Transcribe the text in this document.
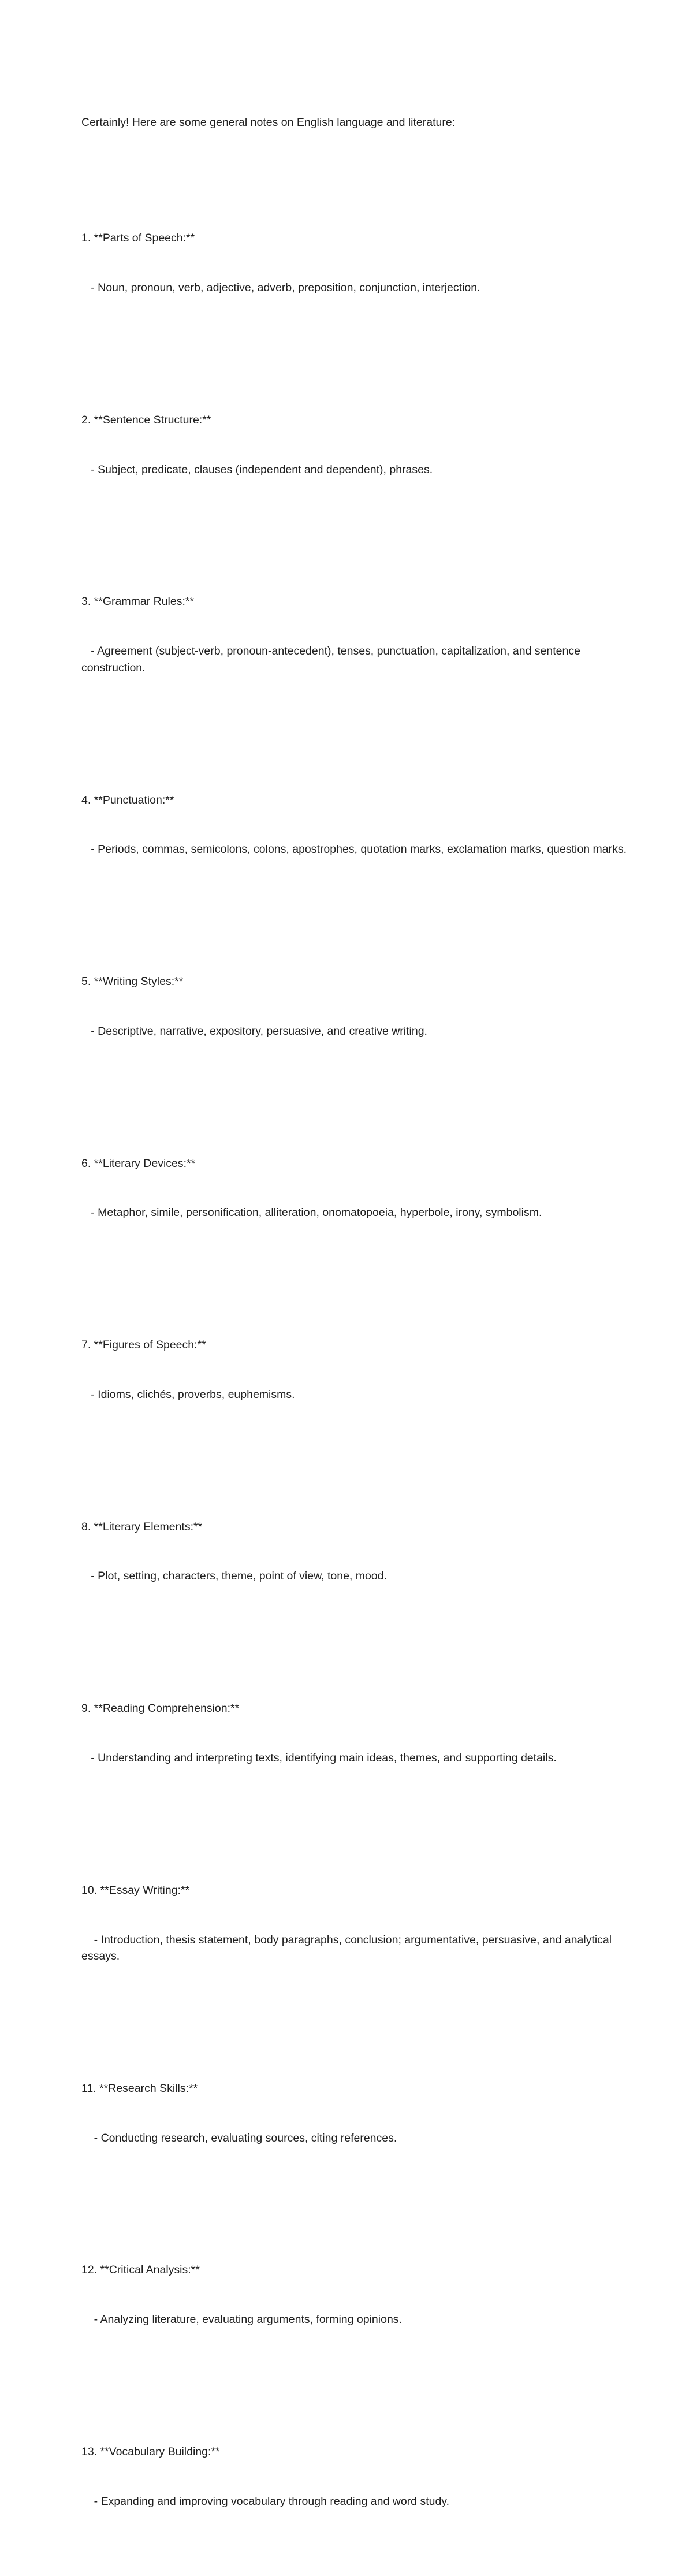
Certainly! Here are some general notes on English language and literature:

1. **Parts of Speech:**

- Noun, pronoun, verb, adjective, adverb, preposition, conjunction, interjection.

2. **Sentence Structure:**

- Subject, predicate, clauses (independent and dependent), phrases.

3. **Grammar Rules:**

- Agreement (subject-verb, pronoun-antecedent), tenses, punctuation, capitalization, and sentence construction.

4. **Punctuation:**

- Periods, commas, semicolons, colons, apostrophes, quotation marks, exclamation marks, question marks.

5. **Writing Styles:**

- Descriptive, narrative, expository, persuasive, and creative writing.

6. **Literary Devices:**

- Metaphor, simile, personification, alliteration, onomatopoeia, hyperbole, irony, symbolism.

7. **Figures of Speech:**

- Idioms, clichés, proverbs, euphemisms.

8. **Literary Elements:**

- Plot, setting, characters, theme, point of view, tone, mood.

9. **Reading Comprehension:**

- Understanding and interpreting texts, identifying main ideas, themes, and supporting details.

10. **Essay Writing:**

- Introduction, thesis statement, body paragraphs, conclusion; argumentative, persuasive, and analytical essays.

11. **Research Skills:**

- Conducting research, evaluating sources, citing references.

12. **Critical Analysis:**

- Analyzing literature, evaluating arguments, forming opinions.

13. **Vocabulary Building:**

- Expanding and improving vocabulary through reading and word study.
